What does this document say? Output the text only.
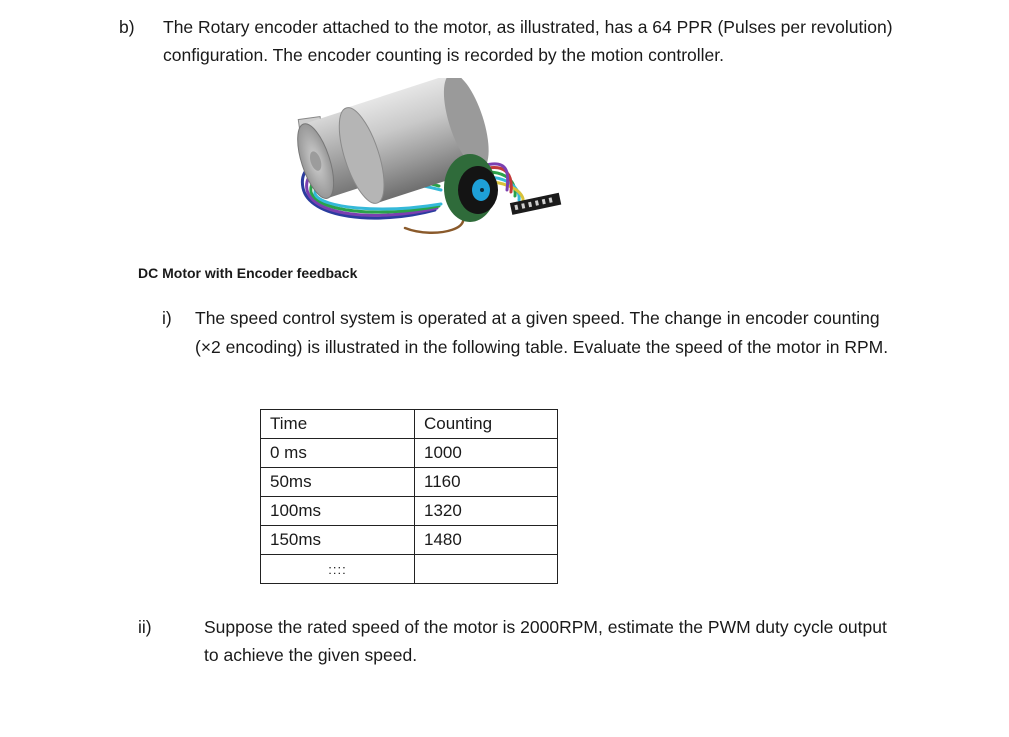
b) The Rotary encoder attached to the motor, as illustrated, has a 64 PPR (Pulses per revolution)
configuration. The encoder counting is recorded by the motion controller.
DC Motor with Encoder feedback
i) The speed control system is operated at a given speed. The change in encoder counting
(×2 encoding) is illustrated in the following table. Evaluate the speed of the motor in RPM.
Time	Counting
0 ms	1000
50ms	1160
100ms	1320
150ms	1480
::::	
ii)	Suppose the rated speed of the motor is 2000RPM, estimate the PWM duty cycle output
to achieve the given speed.
